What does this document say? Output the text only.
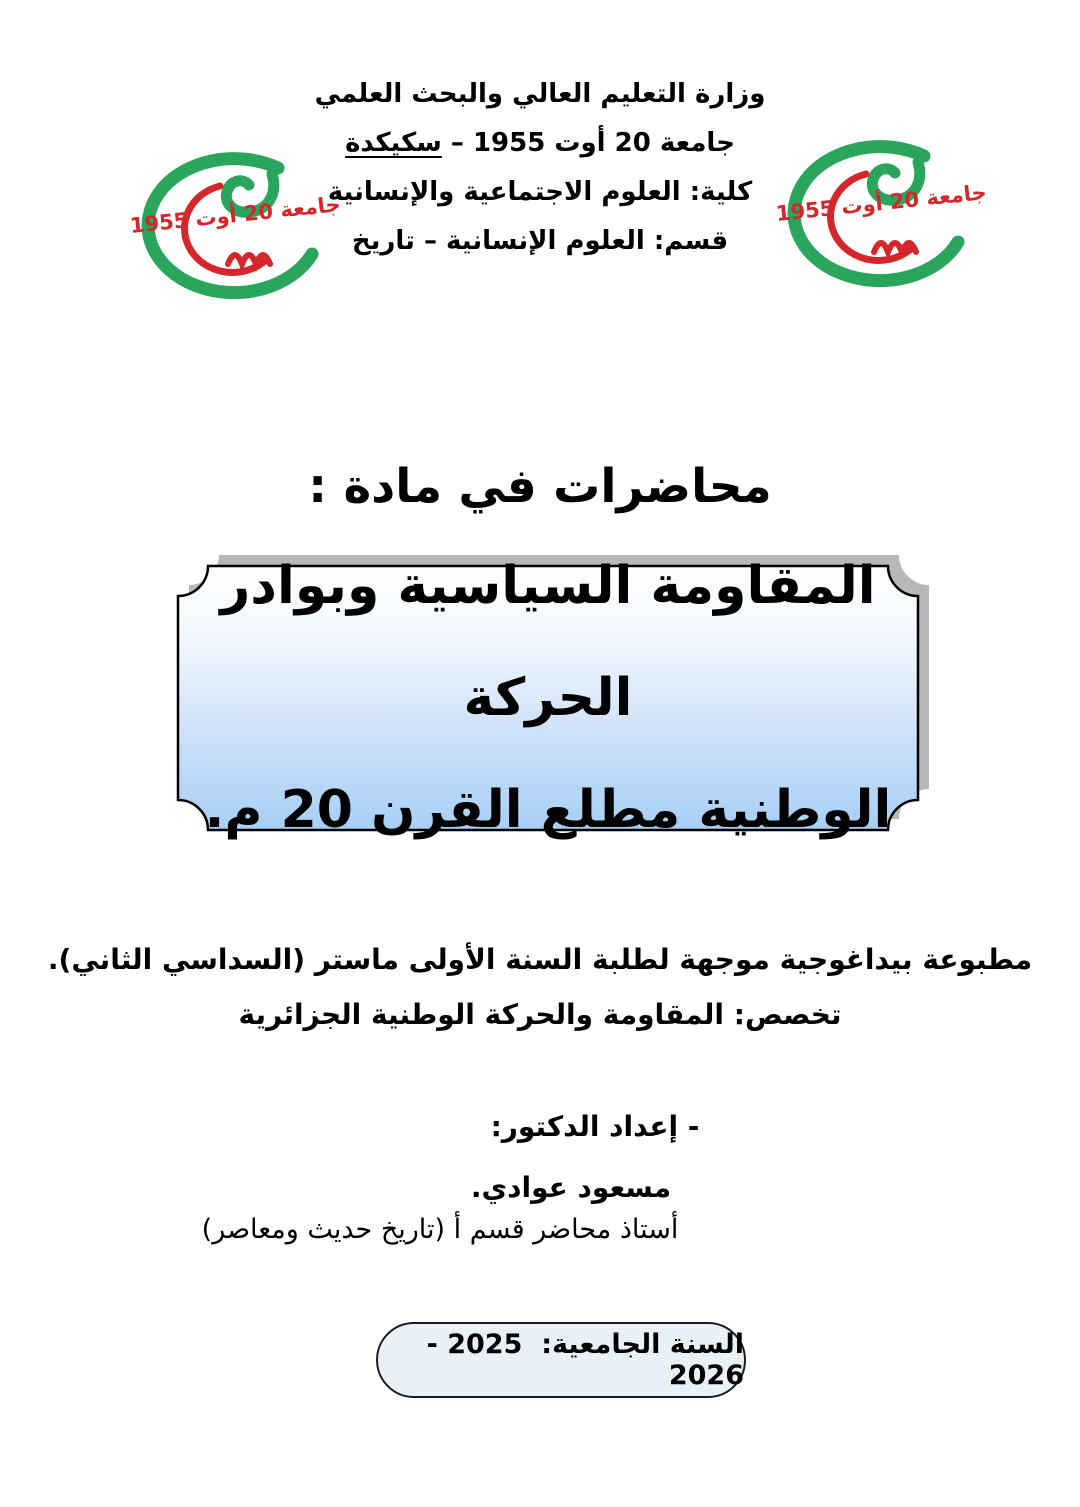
وزارة التعليم العالي والبحث العلمي
جامعة 20 أوت 1955 – سكيكدة
كلية: العلوم الاجتماعية والإنسانية
قسم: العلوم الإنسانية – تاريخ
جامعة 20 أوت 1955	جامعة 20 أوت 1955
محاضرات في مادة :
المقاومة السياسية وبوادر الحركة
الوطنية مطلع القرن 20 م.
مطبوعة بيداغوجية موجهة لطلبة السنة الأولى ماستر (السداسي الثاني).
تخصص: المقاومة والحركة الوطنية الجزائرية
- إعداد الدكتور:
مسعود عوادي.
أستاذ محاضر قسم أ (تاريخ حديث ومعاصر)
السنة الجامعية:  2025 - 2026
